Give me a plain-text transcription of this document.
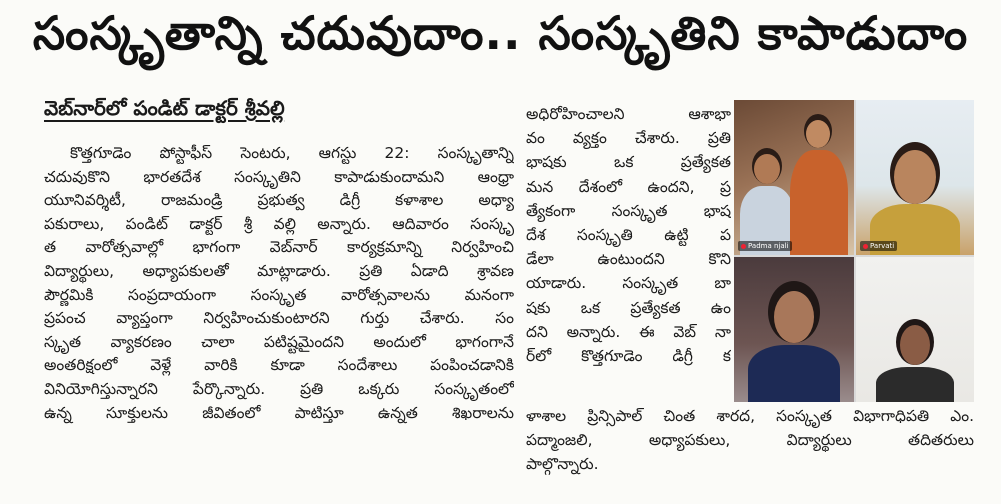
సంస్కృతాన్ని చదువుదాం.. సంస్కృతిని కాపాడుదాం
వెబ్‌నార్‌లో పండిట్ డాక్టర్ శ్రీవల్లి
కొత్తగూడెం పోస్టాఫీస్ సెంటరు, ఆగస్టు 22: సంస్కృతాన్ని
చదువుకొని భారతదేశ సంస్కృతిని కాపాడుకుందామని ఆంధ్రా
యూనివర్శిటీ, రాజమండ్రి ప్రభుత్వ డిగ్రీ కళాశాల అధ్యా
పకురాలు, పండిట్ డాక్టర్ శ్రీ వల్లి అన్నారు. ఆదివారం సంస్కృ
త వారోత్సవాల్లో భాగంగా వెబ్‌నార్ కార్యక్రమాన్ని నిర్వహించి
విద్యార్థులు, అధ్యాపకులతో మాట్లాడారు. ప్రతి ఏడాది శ్రావణ
పౌర్ణమికి సంప్రదాయంగా సంస్కృత వారోత్సవాలను మనంగా
ప్రపంచ వ్యాప్తంగా నిర్వహించుకుంటారని గుర్తు చేశారు. సం
స్కృత వ్యాకరణం చాలా పటిష్టమైందని అందులో భాగంగానే
అంతరిక్షంలో వెళ్లే వారికి కూడా సందేశాలు పంపించడానికి
వినియోగిస్తున్నారని పేర్కొన్నారు. ప్రతి ఒక్కరు సంస్కృతంలో
ఉన్న సూక్తులను జీవితంలో పాటిస్తూ ఉన్నత శిఖరాలను
అధిరోహించాలని ఆశాభా
వం వ్యక్తం చేశారు. ప్రతి
భాషకు ఒక ప్రత్యేకత
మన దేశంలో ఉందని, ప్ర
త్యేకంగా సంస్కృత భాష
దేశ సంస్కృతి ఉట్టి ప
డేలా ఉంటుందని కొని
యాడారు. సంస్కృత బా
షకు ఒక ప్రత్యేకత ఉం
దని అన్నారు. ఈ వెబ్ నా
ర్‌లో కొత్తగూడెం డిగ్రీ క
Padma njali	Parvati
ళాశాల ప్రిన్సిపాల్ చింత శారద, సంస్కృత విభాగాధిపతి ఎం.
పద్మాంజలి, అధ్యాపకులు, విద్యార్థులు తదితరులు
పాల్గొన్నారు.
